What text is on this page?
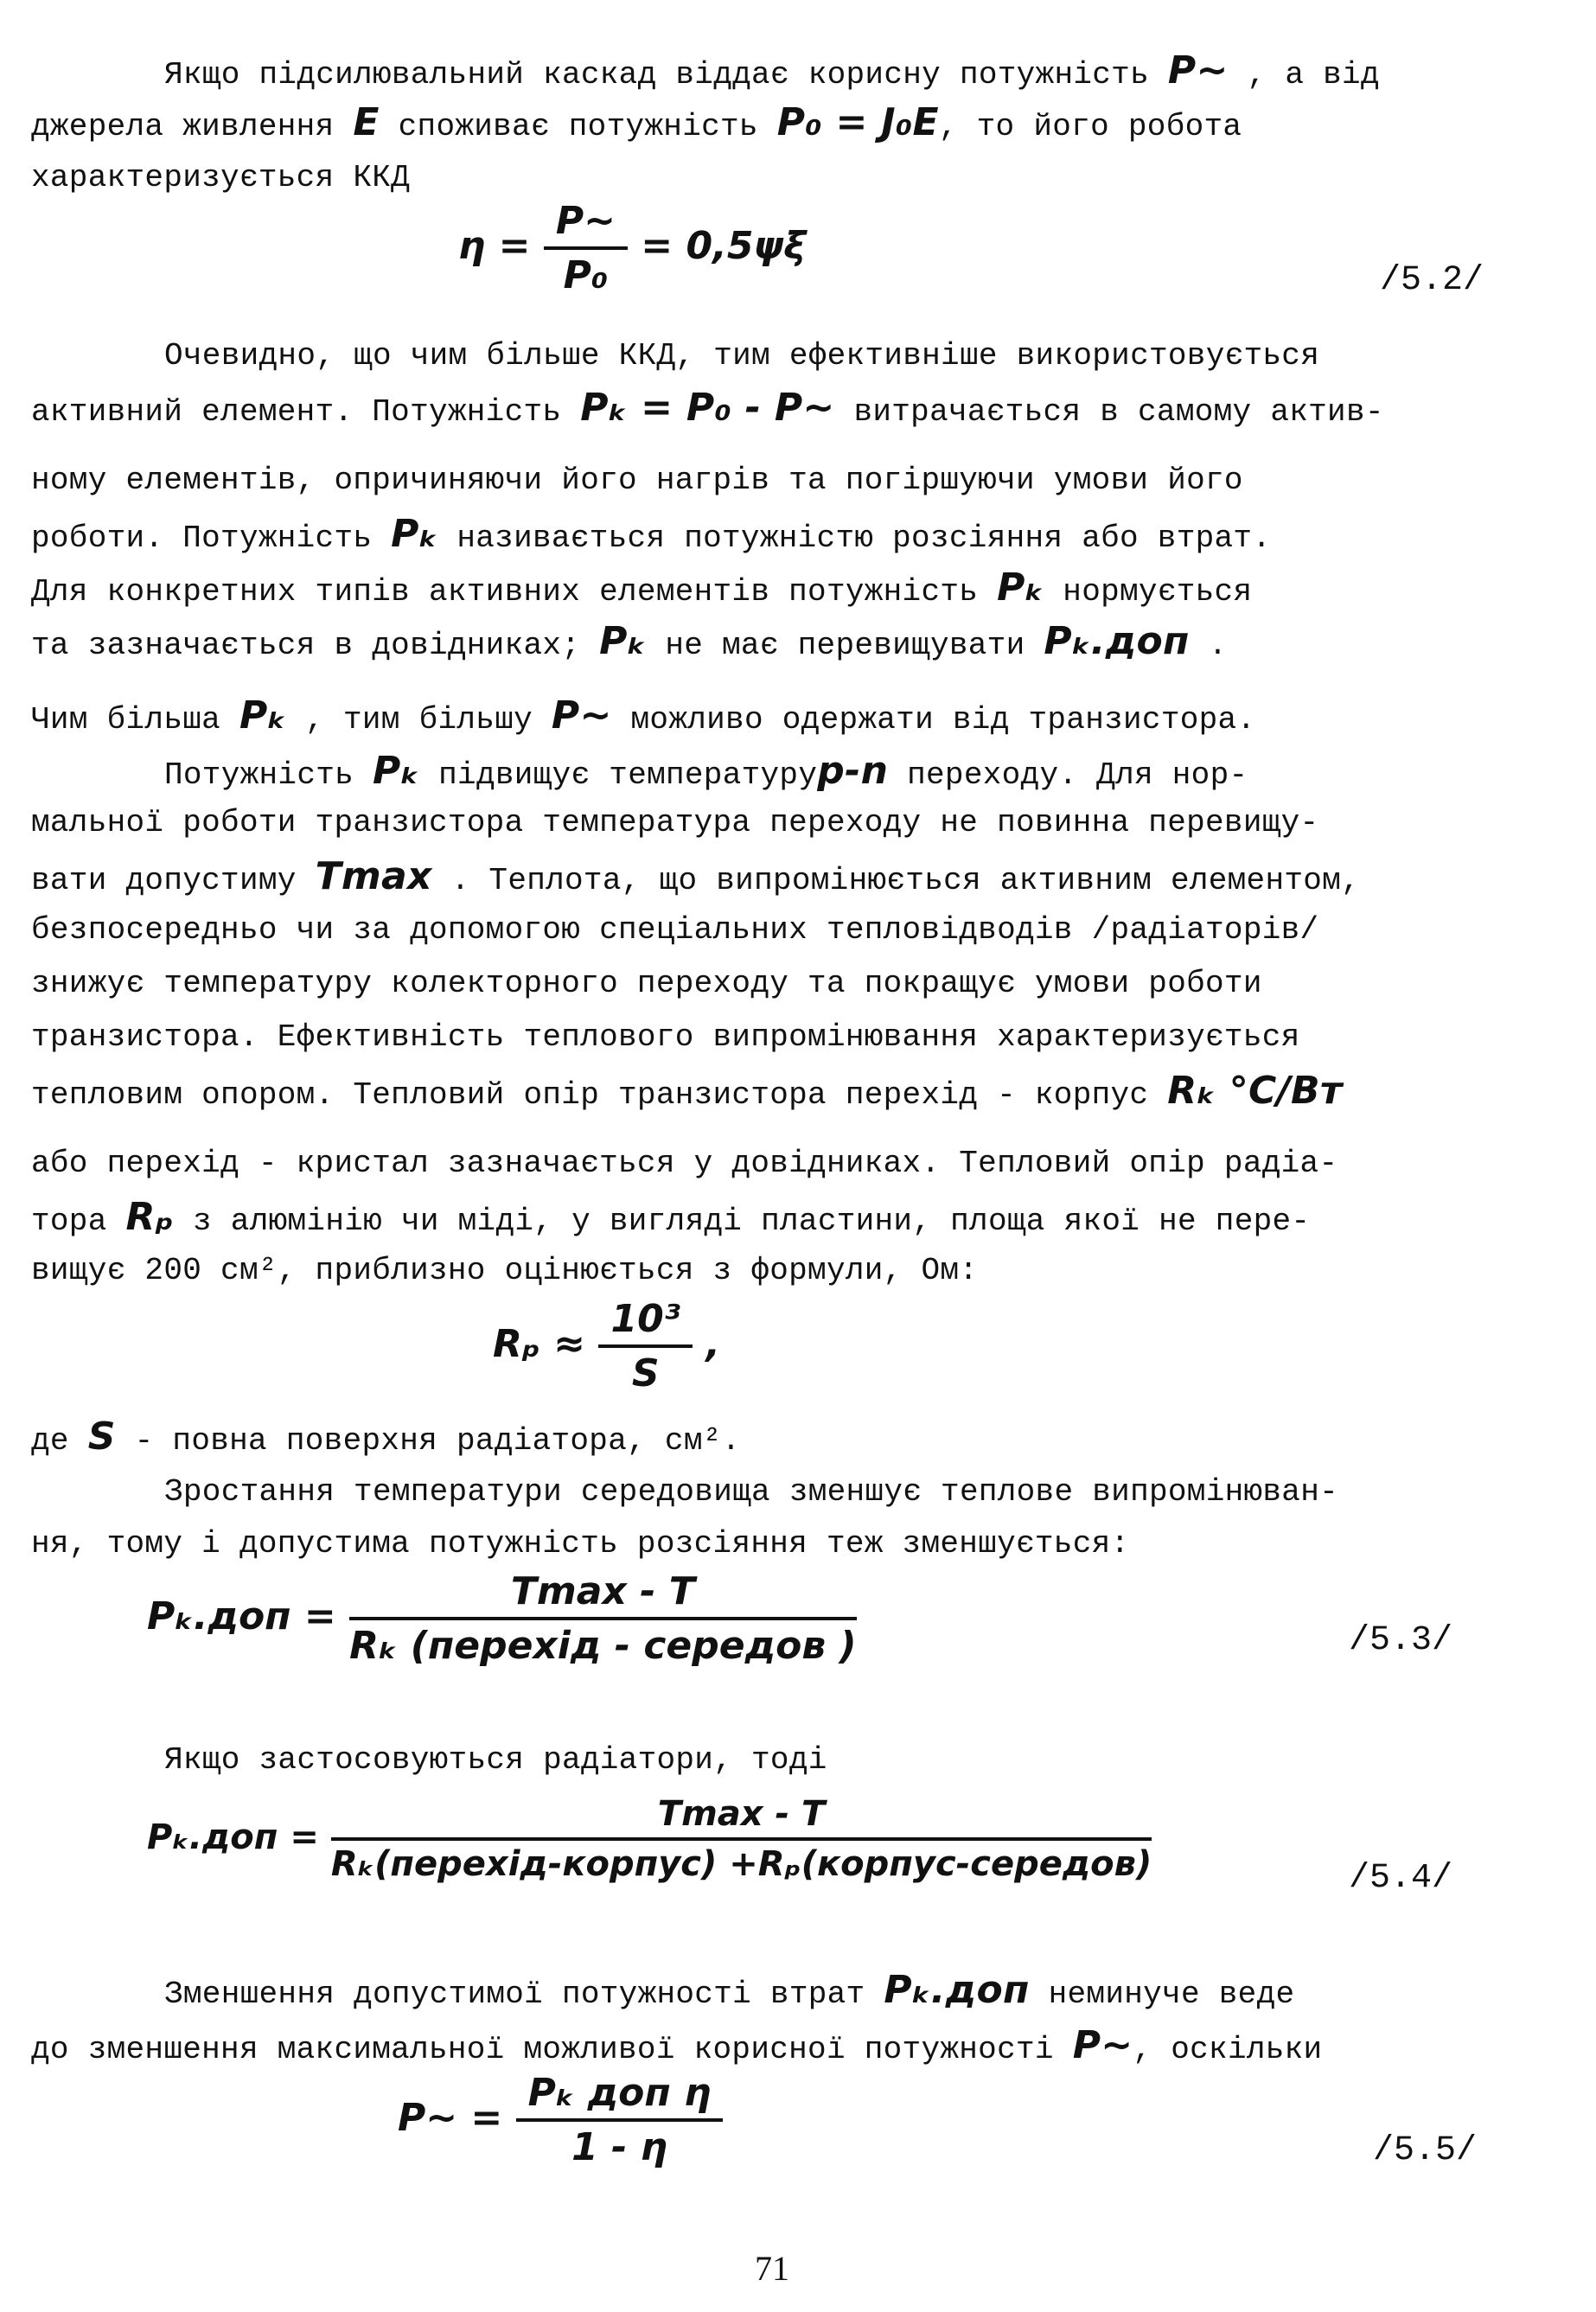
Якщо підсилювальний каскад віддає корисну потужність P~ , а від
джерела живлення E споживає потужність P₀ = J₀E, то його робота
характеризується ККД
$\eta = \frac{P\sim}{\text{P₀}} = 0,5\psi\xi$
/5.2/
Очевидно, що чим більше ККД, тим ефективніше використовується
активний елемент. Потужність Pₖ = P₀ - P~ витрачається в самому актив-
ному елементів, опричиняючи його нагрів та погіршуючи умови його
роботи. Потужність Pₖ називається потужністю розсіяння або втрат.
Для конкретних типів активних елементів потужність Pₖ нормується
та зазначається в довідниках; Pₖ не має перевищувати Pₖ.доп .
Чим більша Pₖ , тим більшу P~ можливо одержати від транзистора.
Потужність Pₖ підвищує температуруp-n переходу. Для нор-
мальної роботи транзистора температура переходу не повинна перевищу-
вати допустиму Tmax . Теплота, що випромінюється активним елементом,
безпосередньо чи за допомогою спеціальних тепловідводів /радіаторів/
знижує температуру колекторного переходу та покращує умови роботи
транзистора. Ефективність теплового випромінювання характеризується
тепловим опором. Тепловий опір транзистора перехід - корпус Rₖ °C/Вт
або перехід - кристал зазначається у довідниках. Тепловий опір радіа-
тора Rₚ з алюмінію чи міді, у вигляді пластини, площа якої не пере-
вищує 200 см², приблизно оцінюється з формули, Ом:
$R_p \approx \frac{\text{10³}}{S}$ ,
де S - повна поверхня радіатора, см².
Зростання температури середовища зменшує теплове випромінюван-
ня, тому і допустима потужність розсіяння теж зменшується:
$P_k.доп = \frac{Tmax - T}{\text{Rₖ (перехід - середов )}}$	/5.3/
Якщо застосовуються радіатори, тоді
$P_k.доп = \frac{Tmax - T}{\text{Rₖ(перехід-корпус) +Rₚ(корпус-середов)}}$	/5.4/
Зменшення допустимої потужності втрат Pₖ.доп неминуче веде
до зменшення максимальної можливої корисної потужності P~, оскільки
P~ = $\frac{\text{Pₖ доп η}}{1 - \eta}$	/5.5/
71
